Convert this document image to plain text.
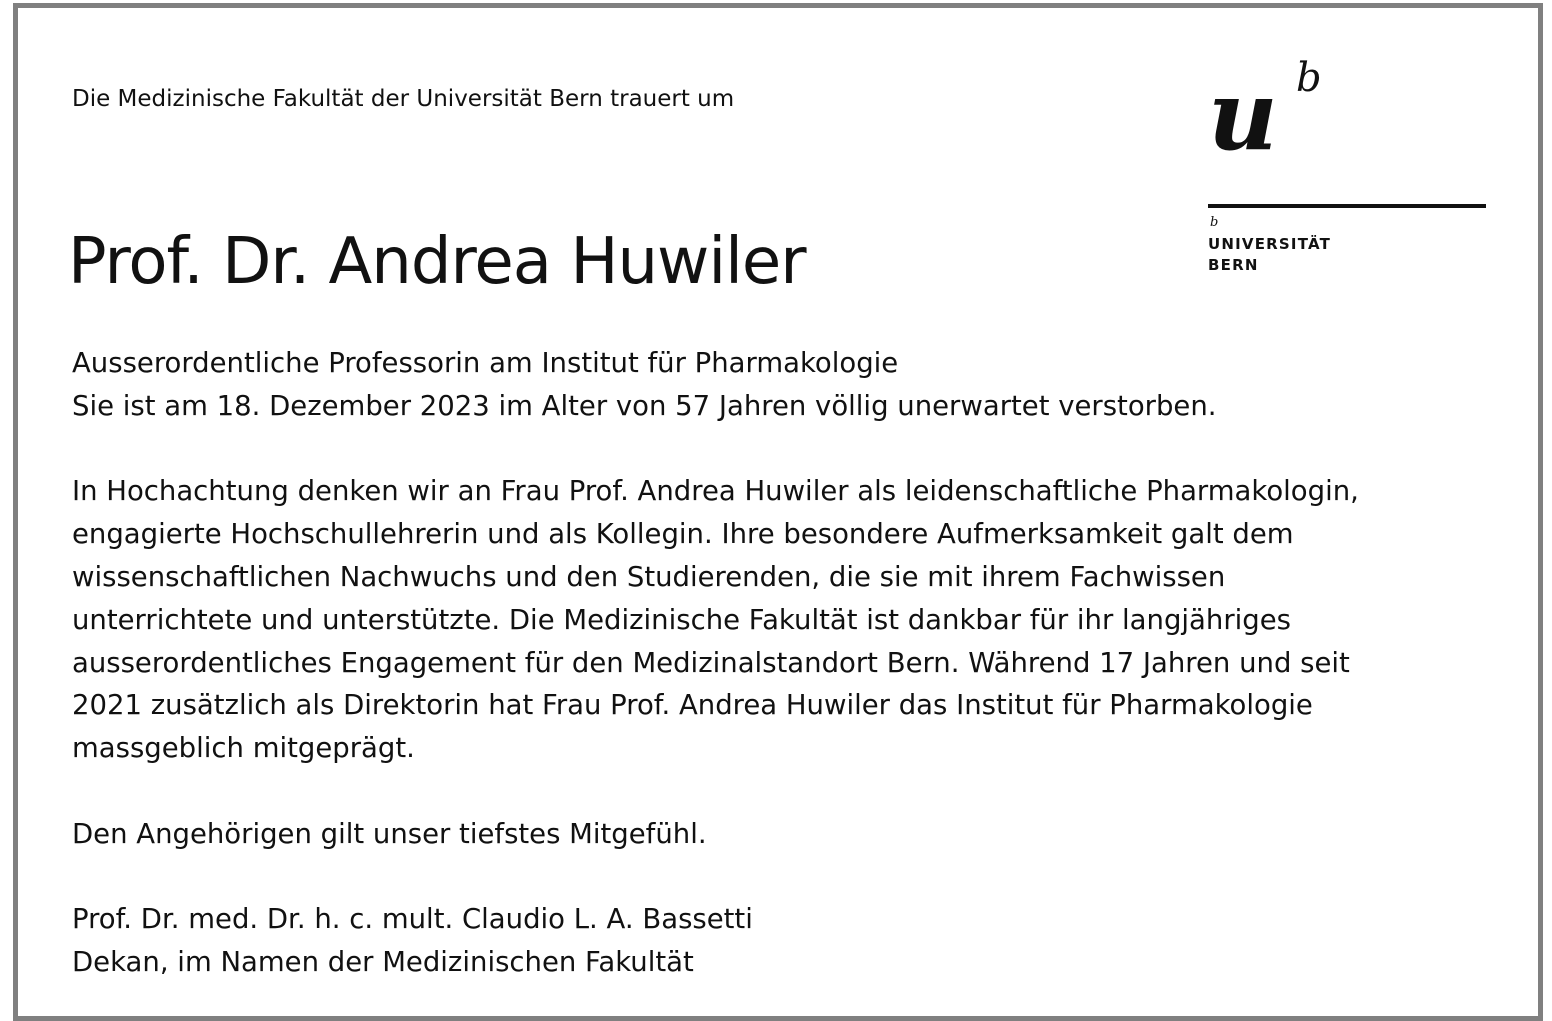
Die Medizinische Fakultät der Universität Bern trauert um
Prof. Dr. Andrea Huwiler
u b
b
UNIVERSITÄT
BERN
Ausserordentliche Professorin am Institut für Pharmakologie
Sie ist am 18. Dezember 2023 im Alter von 57 Jahren völlig unerwartet verstorben.
In Hochachtung denken wir an Frau Prof. Andrea Huwiler als leidenschaftliche Pharmakologin,
engagierte Hochschullehrerin und als Kollegin. Ihre besondere Aufmerksamkeit galt dem
wissenschaftlichen Nachwuchs und den Studierenden, die sie mit ihrem Fachwissen
unterrichtete und unterstützte. Die Medizinische Fakultät ist dankbar für ihr langjähriges
ausserordentliches Engagement für den Medizinalstandort Bern. Während 17 Jahren und seit
2021 zusätzlich als Direktorin hat Frau Prof. Andrea Huwiler das Institut für Pharmakologie
massgeblich mitgeprägt.
Den Angehörigen gilt unser tiefstes Mitgefühl.
Prof. Dr. med. Dr. h. c. mult. Claudio L. A. Bassetti
Dekan, im Namen der Medizinischen Fakultät
